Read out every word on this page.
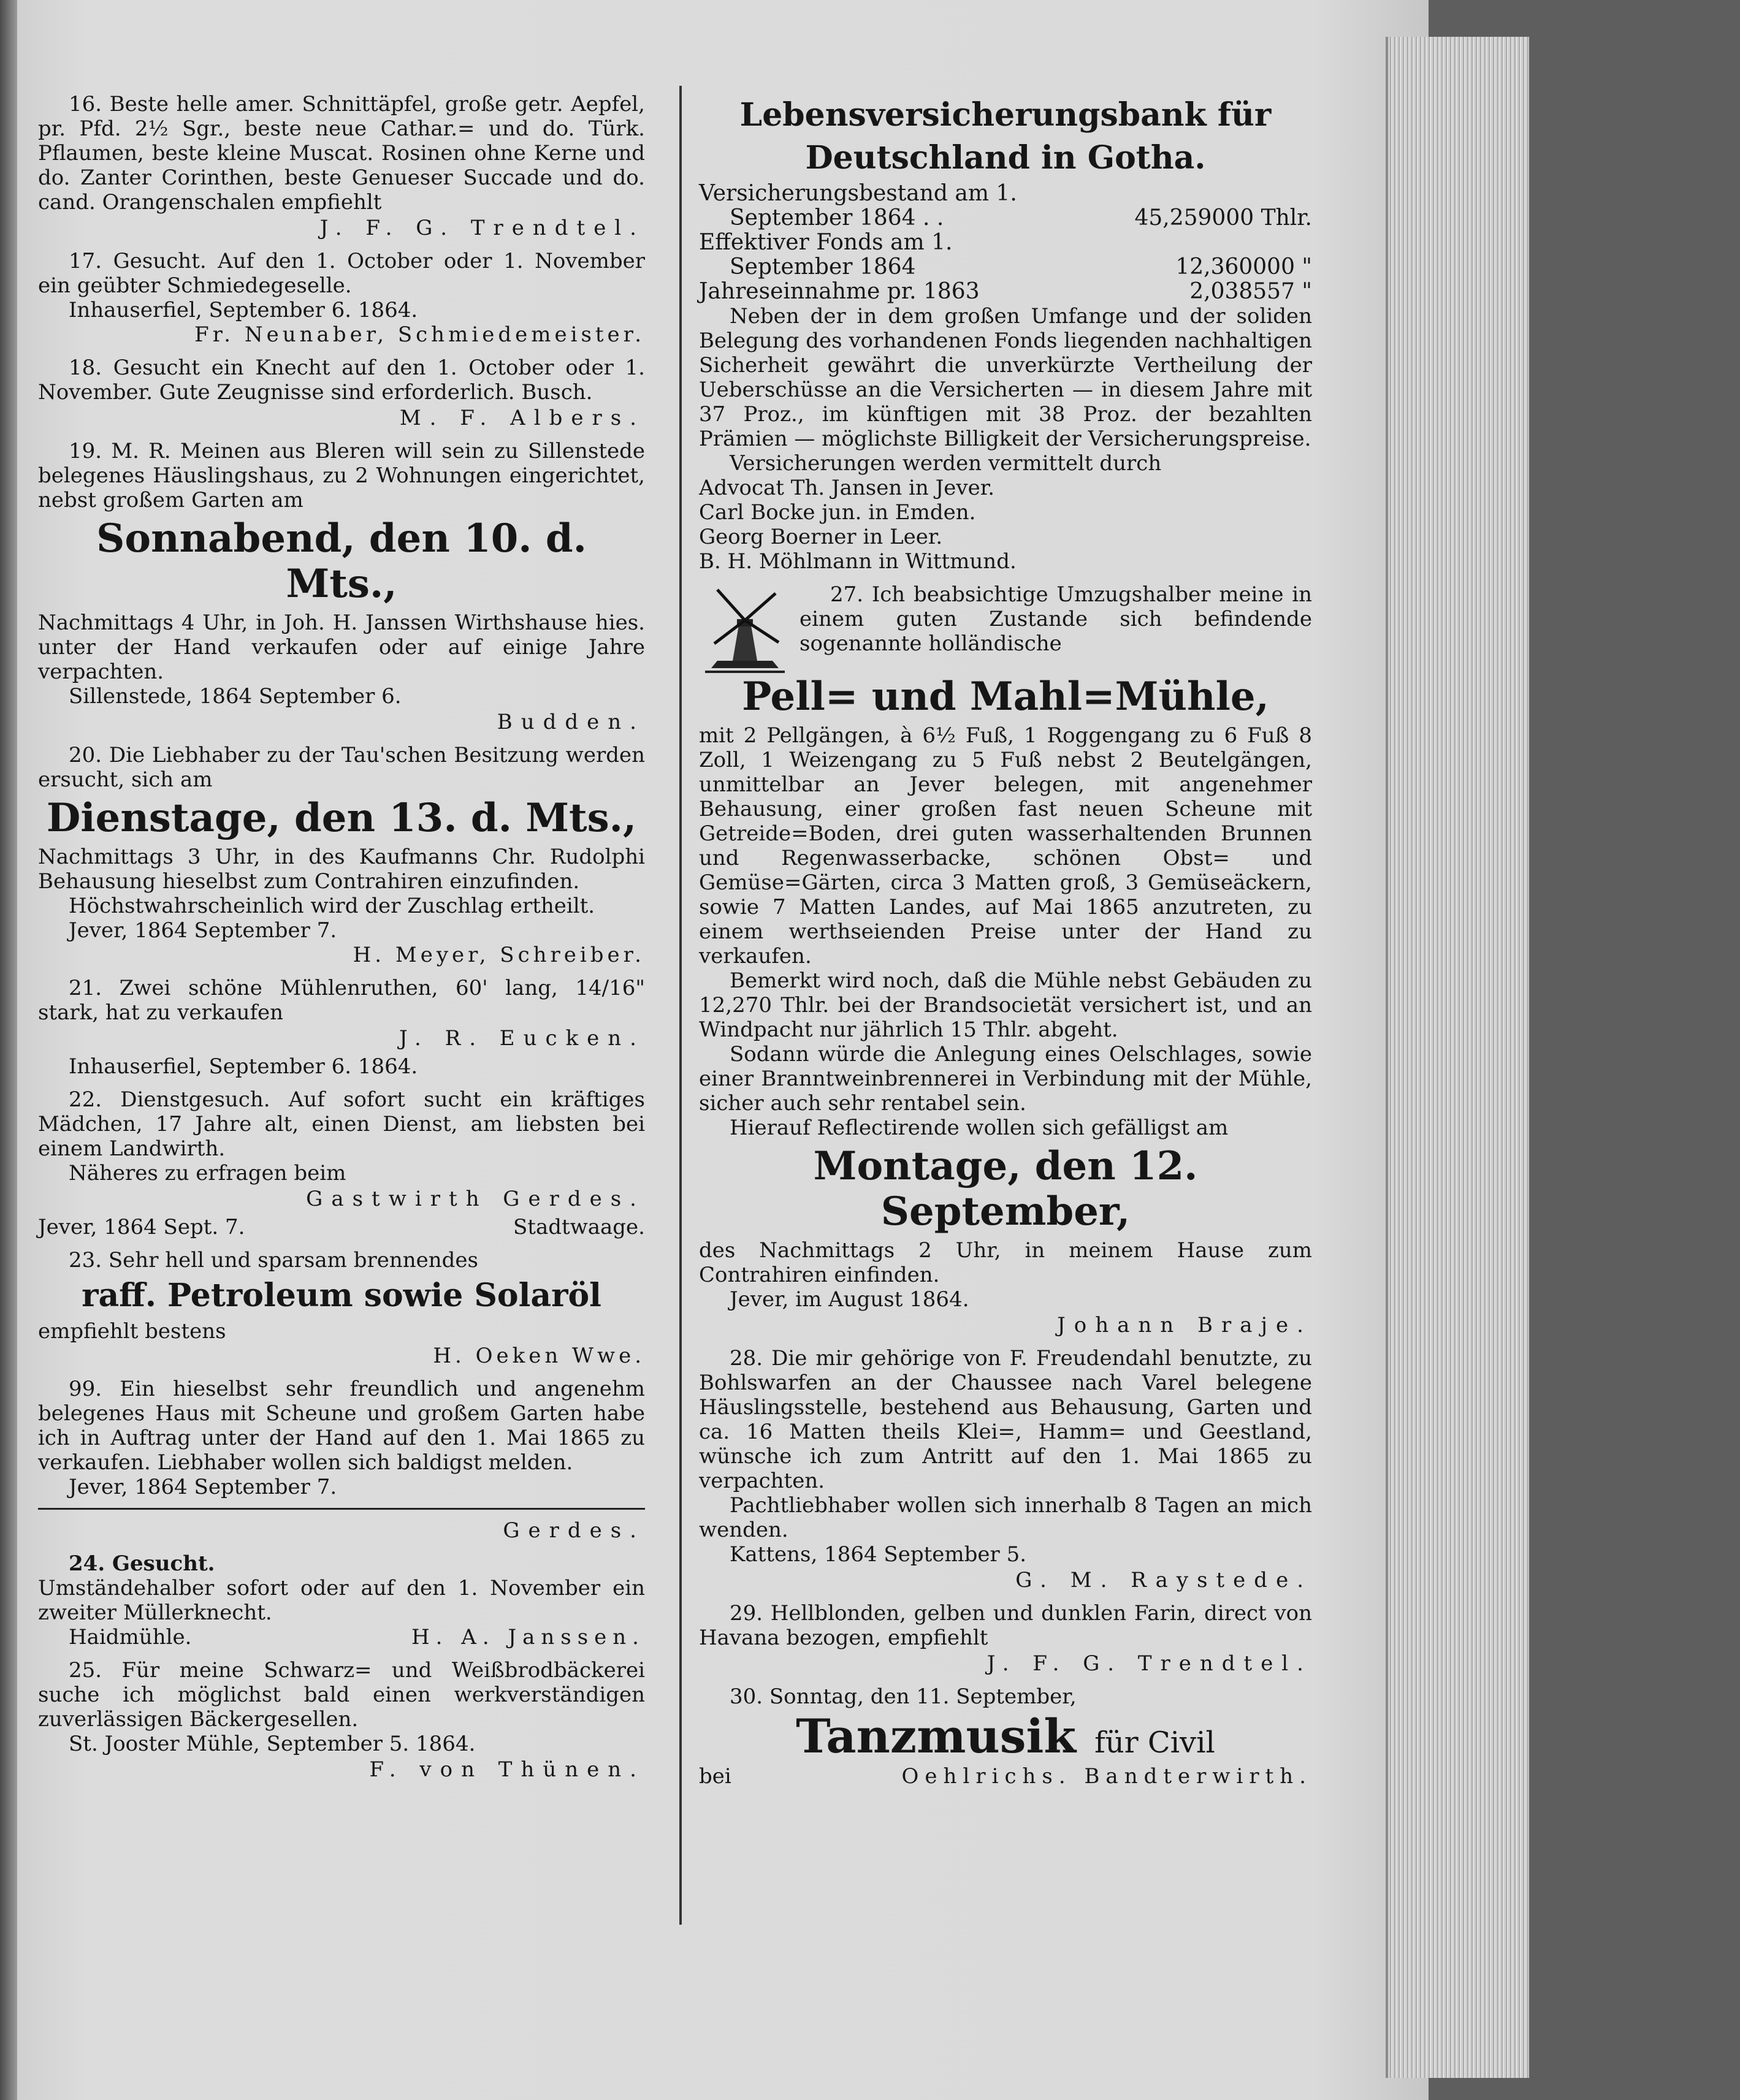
16. Beste helle amer. Schnittäpfel, große getr. Aepfel, pr. Pfd. 2½ Sgr., beste neue Cathar.= und do. Türk. Pflaumen, beste kleine Muscat. Rosinen ohne Kerne und do. Zanter Corinthen, beste Genueser Succade und do. cand. Orangenschalen empfiehlt

J. F. G. Trendtel.

17. Gesucht. Auf den 1. October oder 1. November ein geübter Schmiedegeselle.

Inhauserfiel, September 6. 1864.

Fr. Neunaber, Schmiedemeister.

18. Gesucht ein Knecht auf den 1. October oder 1. November. Gute Zeugnisse sind erforderlich. Busch.

M. F. Albers.

19. M. R. Meinen aus Bleren will sein zu Sillenstede belegenes Häuslingshaus, zu 2 Wohnungen eingerichtet, nebst großem Garten am

Sonnabend, den 10. d. Mts.,

Nachmittags 4 Uhr, in Joh. H. Janssen Wirthshause hies. unter der Hand verkaufen oder auf einige Jahre verpachten.

Sillenstede, 1864 September 6.

Budden.

20. Die Liebhaber zu der Tau'schen Besitzung werden ersucht, sich am

Dienstage, den 13. d. Mts.,

Nachmittags 3 Uhr, in des Kaufmanns Chr. Rudolphi Behausung hieselbst zum Contrahiren einzufinden.

Höchstwahrscheinlich wird der Zuschlag ertheilt.

Jever, 1864 September 7.

H. Meyer, Schreiber.

21. Zwei schöne Mühlenruthen, 60' lang, 14/16" stark, hat zu verkaufen

J. R. Eucken.

Inhauserfiel, September 6. 1864.

22. Dienstgesuch. Auf sofort sucht ein kräftiges Mädchen, 17 Jahre alt, einen Dienst, am liebsten bei einem Landwirth.

Näheres zu erfragen beim

Gastwirth Gerdes.
Jever, 1864 Sept. 7.	Stadtwaage.

23. Sehr hell und sparsam brennendes

raff. Petroleum sowie Solaröl

empfiehlt bestens

H. Oeken Wwe.

99. Ein hieselbst sehr freundlich und angenehm belegenes Haus mit Scheune und großem Garten habe ich in Auftrag unter der Hand auf den 1. Mai 1865 zu verkaufen. Liebhaber wollen sich baldigst melden.

Jever, 1864 September 7.

Gerdes.

24. Gesucht.

Umständehalber sofort oder auf den 1. November ein zweiter Müllerknecht.

Haidmühle.	H. A. Janssen.

25. Für meine Schwarz= und Weißbrodbäckerei suche ich möglichst bald einen werkverständigen zuverlässigen Bäckergesellen.

St. Jooster Mühle, September 5. 1864.

F. von Thünen.
Lebensversicherungsbank für
Deutschland in Gotha.

Versicherungsbestand am 1.

September 1864 . .	45,259000 Thlr.

Effektiver Fonds am 1.

September 1864	12,360000 "
Jahreseinnahme pr. 1863	2,038557 "

Neben der in dem großen Umfange und der soliden Belegung des vorhandenen Fonds liegenden nachhaltigen Sicherheit gewährt die unverkürzte Vertheilung der Ueberschüsse an die Versicherten — in diesem Jahre mit 37 Proz., im künftigen mit 38 Proz. der bezahlten Prämien — möglichste Billigkeit der Versicherungspreise.

Versicherungen werden vermittelt durch

Advocat Th. Jansen in Jever.

Carl Bocke jun. in Emden.

Georg Boerner in Leer.

B. H. Möhlmann in Wittmund.

27. Ich beabsichtige Umzugshalber meine in einem guten Zustande sich befindende sogenannte holländische

Pell= und Mahl=Mühle,

mit 2 Pellgängen, à 6½ Fuß, 1 Roggengang zu 6 Fuß 8 Zoll, 1 Weizengang zu 5 Fuß nebst 2 Beutelgängen, unmittelbar an Jever belegen, mit angenehmer Behausung, einer großen fast neuen Scheune mit Getreide=Boden, drei guten wasserhaltenden Brunnen und Regenwasserbacke, schönen Obst= und Gemüse=Gärten, circa 3 Matten groß, 3 Gemüseäckern, sowie 7 Matten Landes, auf Mai 1865 anzutreten, zu einem werthseienden Preise unter der Hand zu verkaufen.

Bemerkt wird noch, daß die Mühle nebst Gebäuden zu 12,270 Thlr. bei der Brandsocietät versichert ist, und an Windpacht nur jährlich 15 Thlr. abgeht.

Sodann würde die Anlegung eines Oelschlages, sowie einer Branntweinbrennerei in Verbindung mit der Mühle, sicher auch sehr rentabel sein.

Hierauf Reflectirende wollen sich gefälligst am

Montage, den 12. September,

des Nachmittags 2 Uhr, in meinem Hause zum Contrahiren einfinden.

Jever, im August 1864.

Johann Braje.

28. Die mir gehörige von F. Freudendahl benutzte, zu Bohlswarfen an der Chaussee nach Varel belegene Häuslingsstelle, bestehend aus Behausung, Garten und ca. 16 Matten theils Klei=, Hamm= und Geestland, wünsche ich zum Antritt auf den 1. Mai 1865 zu verpachten.

Pachtliebhaber wollen sich innerhalb 8 Tagen an mich wenden.

Kattens, 1864 September 5.

G. M. Raystede.

29. Hellblonden, gelben und dunklen Farin, direct von Havana bezogen, empfiehlt

J. F. G. Trendtel.

30. Sonntag, den 11. September,

Tanzmusik für Civil
bei	Oehlrichs. Bandterwirth.
